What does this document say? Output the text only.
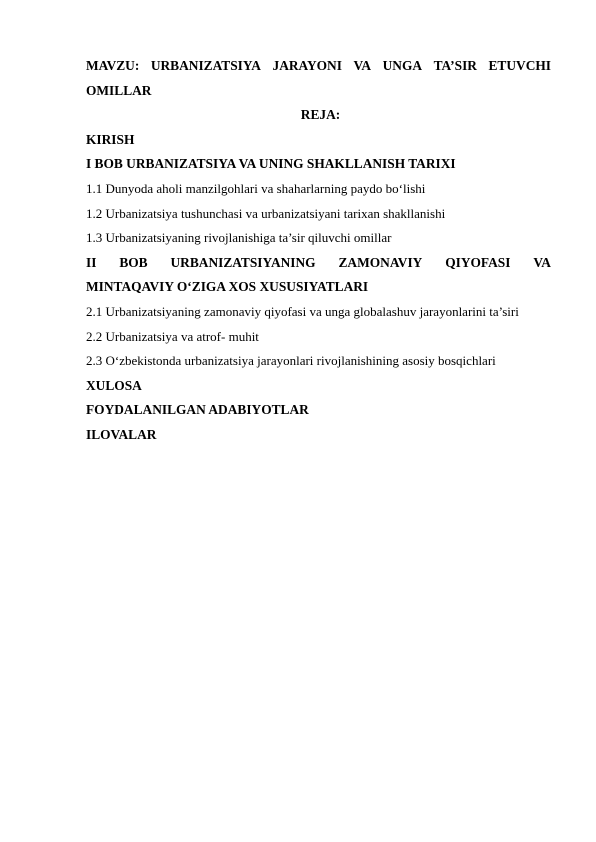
MAVZU: URBANIZATSIYA JARAYONI VA UNGA TA’SIR ETUVCHI
OMILLAR
REJA:
KIRISH
I BOB URBANIZATSIYA VA UNING SHAKLLANISH TARIXI
1.1 Dunyoda aholi manzilgohlari va shaharlarning paydo bo‘lishi
1.2 Urbanizatsiya tushunchasi va urbanizatsiyani tarixan shakllanishi
1.3 Urbanizatsiyaning rivojlanishiga ta’sir qiluvchi omillar
II BOB URBANIZATSIYANING ZAMONAVIY QIYOFASI VA
MINTAQAVIY O‘ZIGA XOS XUSUSIYATLARI
2.1 Urbanizatsiyaning zamonaviy qiyofasi va unga globalashuv jarayonlarini ta’siri
2.2 Urbanizatsiya va atrof- muhit
2.3 O‘zbekistonda urbanizatsiya jarayonlari rivojlanishining asosiy bosqichlari
XULOSA
FOYDALANILGAN ADABIYOTLAR
ILOVALAR
